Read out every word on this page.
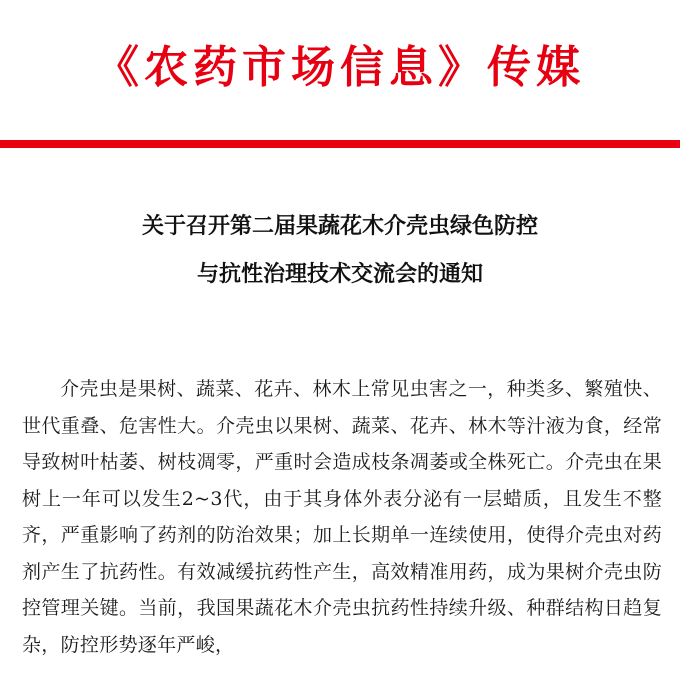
《农药市场信息》传媒
关于召开第二届果蔬花木介壳虫绿色防控
与抗性治理技术交流会的通知

介壳虫是果树、蔬菜、花卉、林木上常见虫害之一，种类多、繁殖快、世代重叠、危害性大。介壳虫以果树、蔬菜、花卉、林木等汁液为食，经常导致树叶枯萎、树枝凋零，严重时会造成枝条凋萎或全株死亡。介壳虫在果树上一年可以发生2~3代，由于其身体外表分泌有一层蜡质，且发生不整齐，严重影响了药剂的防治效果；加上长期单一连续使用，使得介壳虫对药剂产生了抗药性。有效减缓抗药性产生，高效精准用药，成为果树介壳虫防控管理关键。当前，我国果蔬花木介壳虫抗药性持续升级、种群结构日趋复杂，防控形势逐年严峻，
